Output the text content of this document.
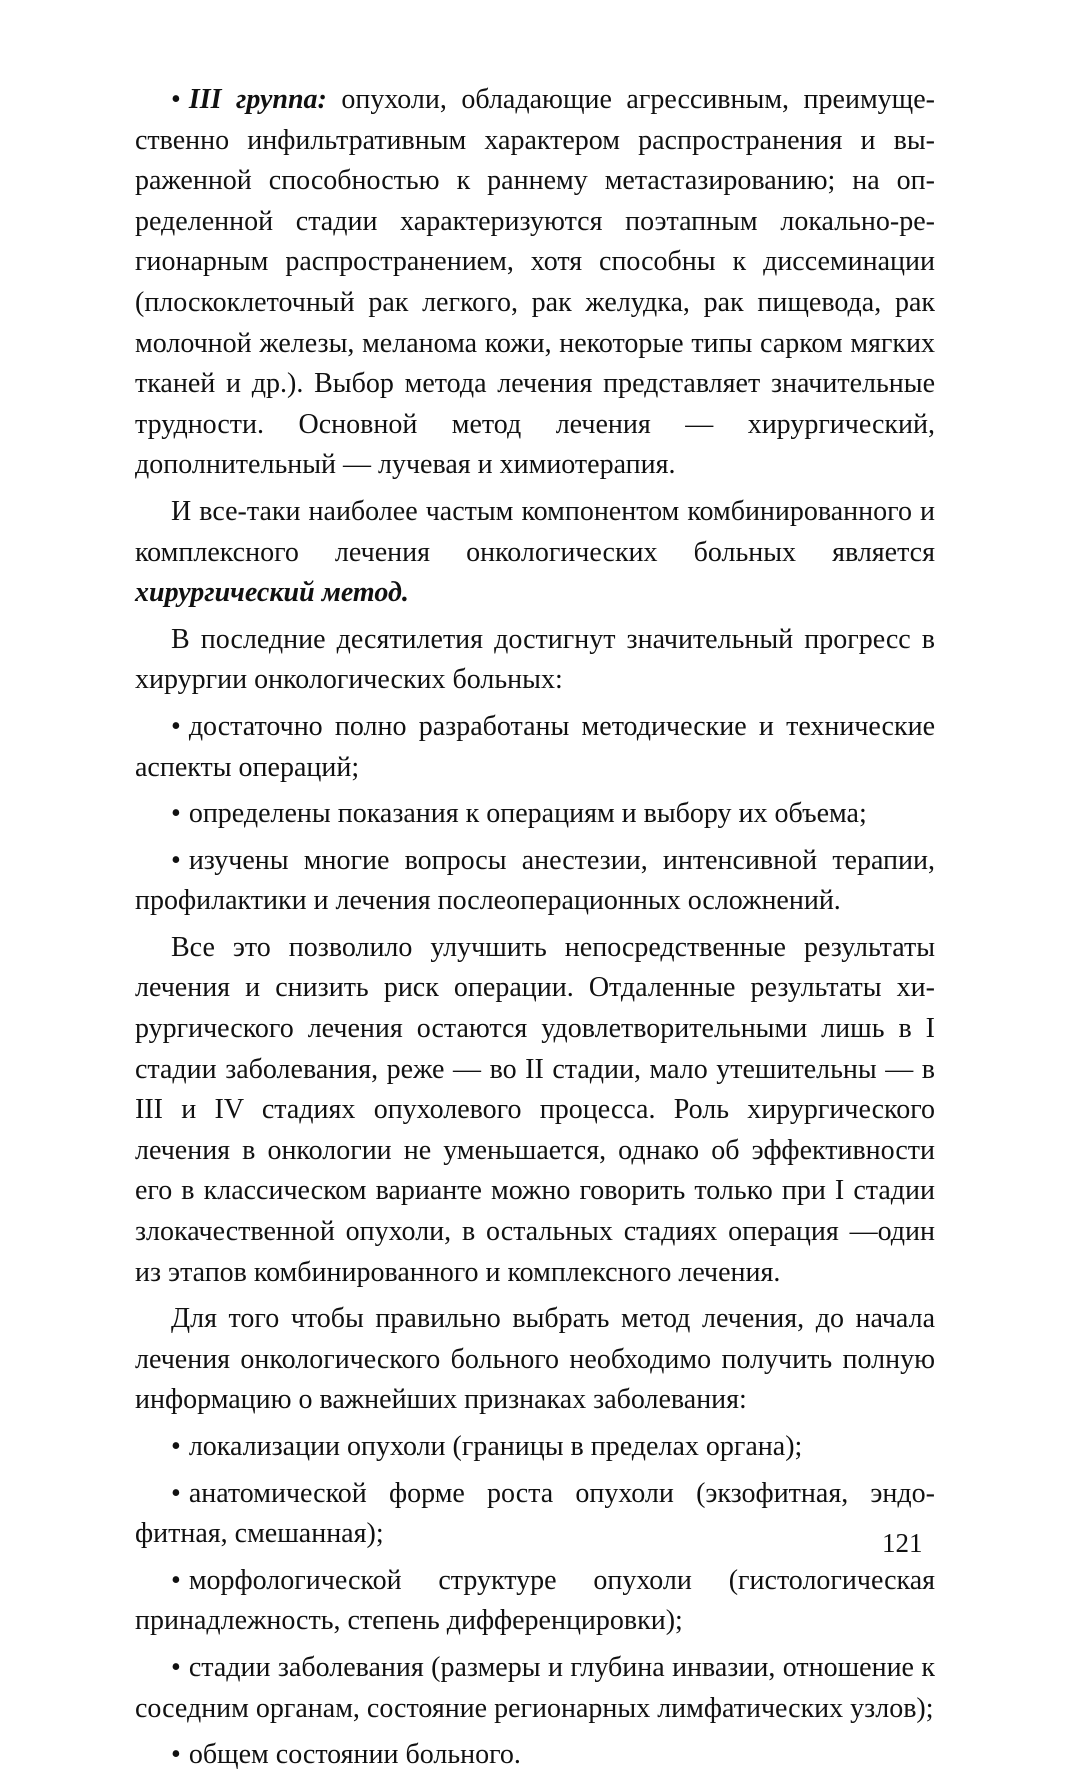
• III группа: опухоли, обладающие агрессивным, преимущественно инфильтративным характером распространения и выраженной способностью к раннему метастазированию; на определенной стадии характеризуются поэтапным локально-регионарным распространением, хотя способны к диссеминации (плоскоклеточный рак легкого, рак желудка, рак пищевода, рак молочной железы, меланома кожи, некоторые типы сарком мягких тканей и др.). Выбор метода лечения представляет значительные трудности. Основной метод лечения — хирургический, дополнительный — лучевая и химиотерапия.

И все-таки наиболее частым компонентом комбинированного и комплексного лечения онкологических больных является хирургический метод.

В последние десятилетия достигнут значительный прогресс в хирургии онкологических больных:

• достаточно полно разработаны методические и технические аспекты операций;

• определены показания к операциям и выбору их объема;

• изучены многие вопросы анестезии, интенсивной терапии, профилактики и лечения послеоперационных осложнений.

Все это позволило улучшить непосредственные результаты лечения и снизить риск операции. Отдаленные результаты хирургического лечения остаются удовлетворительными лишь в I стадии заболевания, реже — во II стадии, мало утешительны — в III и IV стадиях опухолевого процесса. Роль хирургического лечения в онкологии не уменьшается, однако об эффективности его в классическом варианте можно говорить только при I стадии злокачественной опухоли, в остальных стадиях операция —один из этапов комбинированного и комплексного лечения.

Для того чтобы правильно выбрать метод лечения, до начала лечения онкологического больного необходимо получить полную информацию о важнейших признаках заболевания:

• локализации опухоли (границы в пределах органа);

• анатомической форме роста опухоли (экзофитная, эндофитная, смешанная);

• морфологической структуре опухоли (гистологическая принадлежность, степень дифференцировки);

• стадии заболевания (размеры и глубина инвазии, отношение к соседним органам, состояние регионарных лимфатических узлов);

• общем состоянии больного.

121
